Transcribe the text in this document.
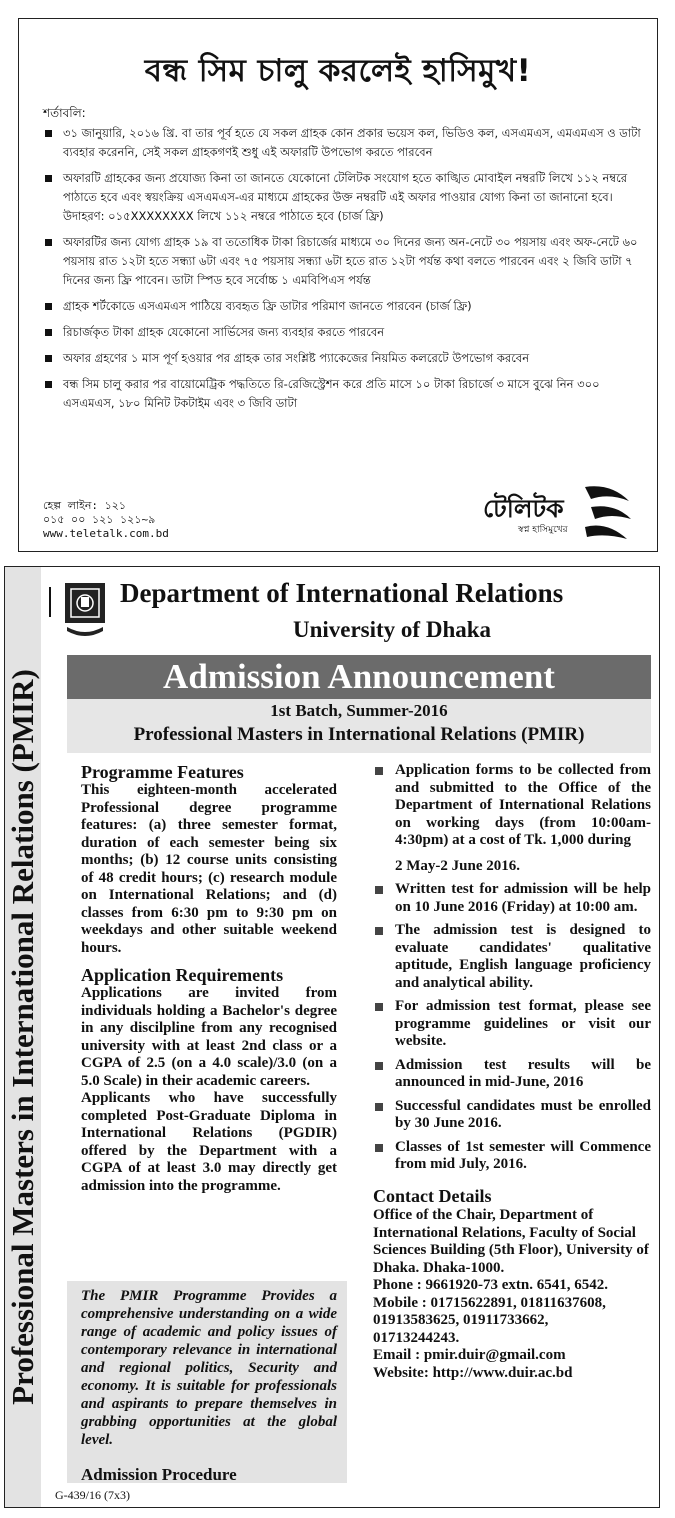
বন্ধ সিম চালু করলেই হাসিমুখ!
শর্তাবলি:
৩১ জানুয়ারি, ২০১৬ খ্রি. বা তার পূর্ব হতে যে সকল গ্রাহক কোন প্রকার ভয়েস কল, ভিডিও কল, এসএমএস, এমএমএস ও ডাটা ব্যবহার করেননি, সেই সকল গ্রাহকগণই শুধু এই অফারটি উপভোগ করতে পারবেন
অফারটি গ্রাহকের জন্য প্রযোজ্য কিনা তা জানতে যেকোনো টেলিটক সংযোগ হতে কাঙ্খিত মোবাইল নম্বরটি লিখে ১১২ নম্বরে পাঠাতে হবে এবং স্বয়ংক্রিয় এসএমএস-এর মাধ্যমে গ্রাহকের উক্ত নম্বরটি এই অফার পাওয়ার যোগ্য কিনা তা জানানো হবে। উদাহরণ: ০১৫XXXXXXXX লিখে ১১২ নম্বরে পাঠাতে হবে (চার্জ ফ্রি)
অফারটির জন্য যোগ্য গ্রাহক ১৯ বা ততোধিক টাকা রিচার্জের মাধ্যমে ৩০ দিনের জন্য অন-নেটে ৩০ পয়সায় এবং অফ-নেটে ৬০ পয়সায় রাত ১২টা হতে সন্ধ্যা ৬টা এবং ৭৫ পয়সায় সন্ধ্যা ৬টা হতে রাত ১২টা পর্যন্ত কথা বলতে পারবেন এবং ২ জিবি ডাটা ৭ দিনের জন্য ফ্রি পাবেন। ডাটা স্পিড হবে সর্বোচ্চ ১ এমবিপিএস পর্যন্ত
গ্রাহক শর্টকোডে এসএমএস পাঠিয়ে ব্যবহৃত ফ্রি ডাটার পরিমাণ জানতে পারবেন (চার্জ ফ্রি)
রিচার্জকৃত টাকা গ্রাহক যেকোনো সার্ভিসের জন্য ব্যবহার করতে পারবেন
অফার গ্রহণের ১ মাস পূর্ণ হওয়ার পর গ্রাহক তার সংশ্লিষ্ট প্যাকেজের নিয়মিত কলরেটে উপভোগ করবেন
বন্ধ সিম চালু করার পর বায়োমেট্রিক পদ্ধতিতে রি-রেজিস্ট্রেশন করে প্রতি মাসে ১০ টাকা রিচার্জে ৩ মাসে বুঝে নিন ৩০০ এসএমএস, ১৮০ মিনিট টকটাইম এবং ৩ জিবি ডাটা
হেল্প লাইন: ১২১
০১৫ ০০ ১২১ ১২১~৯
www.teletalk.com.bd
টেলিটক
স্বপ্ন হাসিমুখের
Professional Masters in International Relations (PMIR)
Department of International Relations
University of Dhaka
Admission Announcement
1st Batch, Summer-2016
Professional Masters in International Relations (PMIR)
Programme Features

This eighteen-month accelerated Professional degree programme features: (a) three semester format, duration of each semester being six months; (b) 12 course units consisting of 48 credit hours; (c) research module on International Relations; and (d) classes from 6:30 pm to 9:30 pm on weekdays and other suitable weekend hours.

Application Requirements

Applications are invited from individuals holding a Bachelor's degree in any discilpline from any recognised university with at least 2nd class or a CGPA of 2.5 (on a 4.0 scale)/3.0 (on a 5.0 Scale) in their academic careers.

Applicants who have successfully completed Post-Graduate Diploma in International Relations (PGDIR) offered by the Department with a CGPA of at least 3.0 may directly get admission into the programme.

The PMIR Programme Provides a comprehensive understanding on a wide range of academic and policy issues of contemporary relevance in international and regional politics, Security and economy. It is suitable for professionals and aspirants to prepare themselves in grabbing opportunities at the global level.
Admission Procedure
Application forms to be collected from and submitted to the Office of the Department of International Relations on working days (from 10:00am-4:30pm) at a cost of Tk. 1,000 during
2 May-2 June 2016.
Written test for admission will be help on 10 June 2016 (Friday) at 10:00 am.
The admission test is designed to evaluate candidates' qualitative aptitude, English language proficiency and analytical ability.
For admission test format, please see programme guidelines or visit our website.
Admission test results will be announced in mid-June, 2016
Successful candidates must be enrolled by 30 June 2016.
Classes of 1st semester will Commence from mid July, 2016.
Contact Details

Office of the Chair, Department of International Relations, Faculty of Social Sciences Building (5th Floor), University of Dhaka. Dhaka-1000.

Phone : 9661920-73 extn. 6541, 6542.
Mobile : 01715622891, 01811637608,
01913583625, 01911733662,
01713244243.
Email : pmir.duir@gmail.com
Website: http://www.duir.ac.bd
G-439/16 (7x3)
